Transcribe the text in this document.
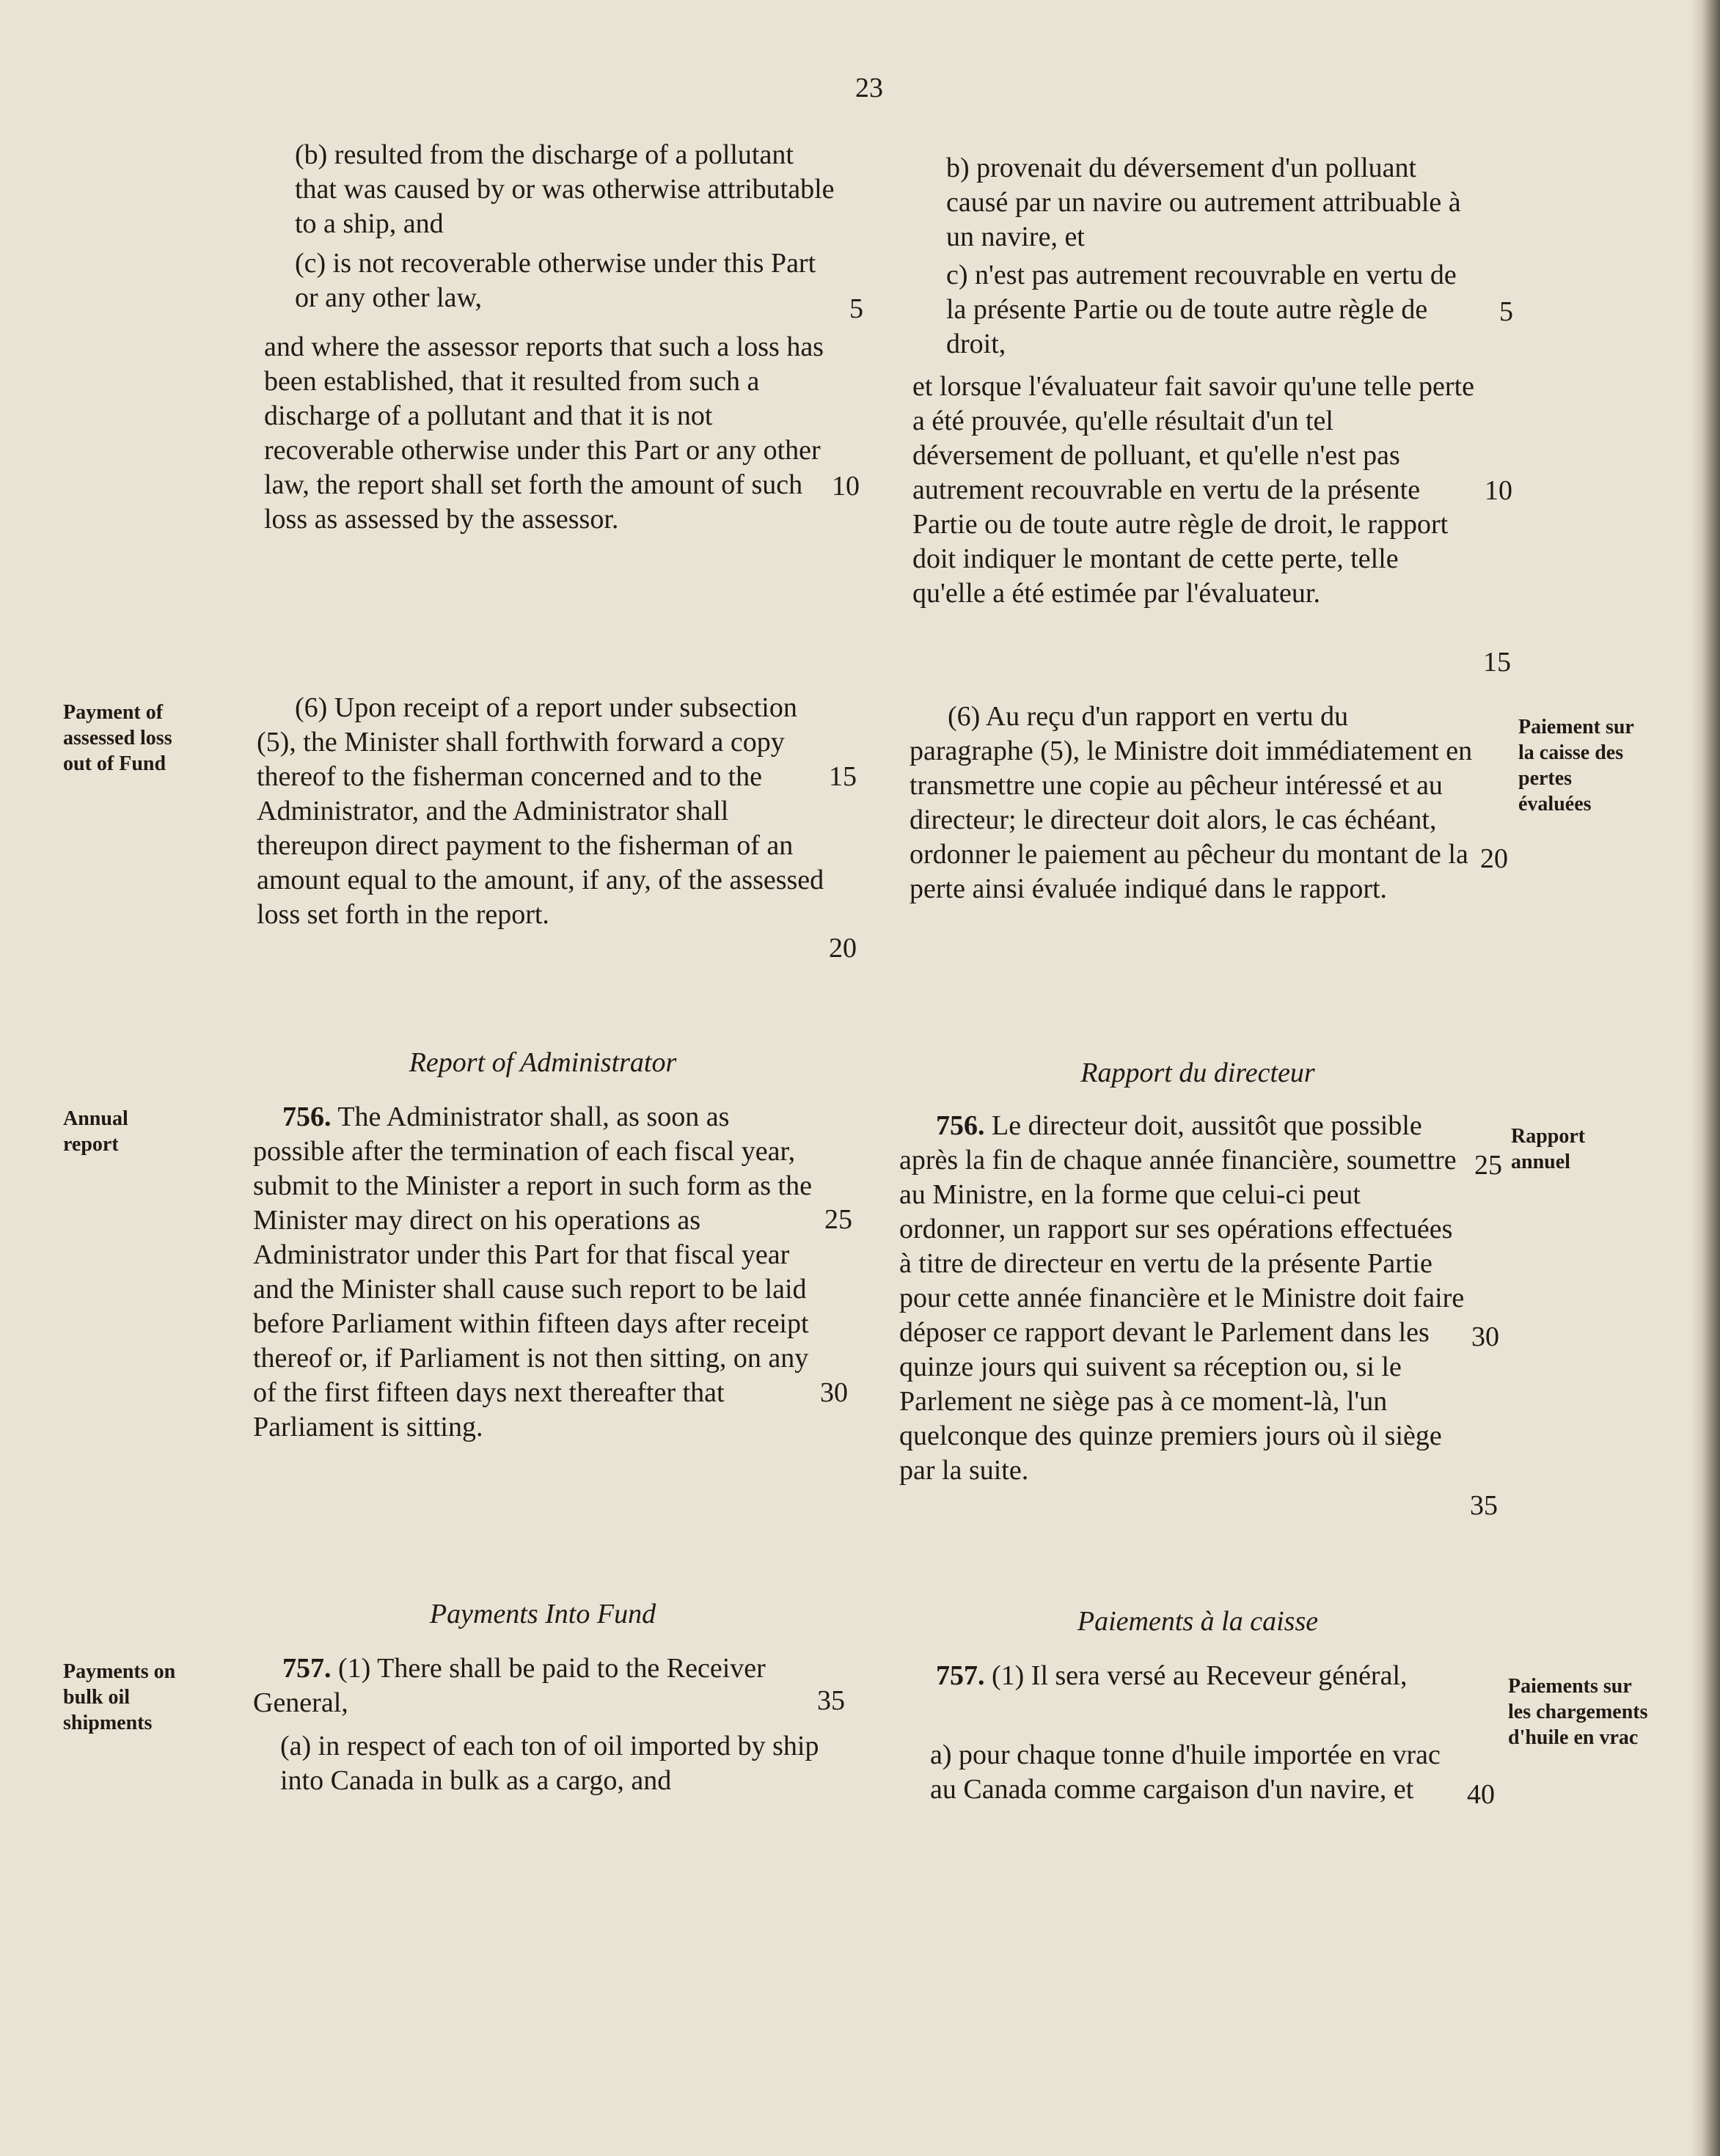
23

(b) resulted from the discharge of a pollutant that was caused by or was otherwise attributable to a ship, and

(c) is not recoverable otherwise under this Part or any other law,

and where the assessor reports that such a loss has been established, that it resulted from such a discharge of a pollutant and that it is not recoverable otherwise under this Part or any other law, the report shall set forth the amount of such loss as assessed by the assessor.

(6) Upon receipt of a report under subsection (5), the Minister shall forthwith forward a copy thereof to the fisherman concerned and to the Administrator, and the Administrator shall thereupon direct payment to the fisherman of an amount equal to the amount, if any, of the assessed loss set forth in the report.

Report of Administrator

756. The Administrator shall, as soon as possible after the termination of each fiscal year, submit to the Minister a report in such form as the Minister may direct on his operations as Administrator under this Part for that fiscal year and the Minister shall cause such report to be laid before Parliament within fifteen days after receipt thereof or, if Parliament is not then sitting, on any of the first fifteen days next thereafter that Parliament is sitting.

Payments Into Fund

757. (1) There shall be paid to the Receiver General,

(a) in respect of each ton of oil imported by ship into Canada in bulk as a cargo, and

5
10
15
20
25
30
35

b) provenait du déversement d'un polluant causé par un navire ou autrement attribuable à un navire, et

c) n'est pas autrement recouvrable en vertu de la présente Partie ou de toute autre règle de droit,

et lorsque l'évaluateur fait savoir qu'une telle perte a été prouvée, qu'elle résultait d'un tel déversement de polluant, et qu'elle n'est pas autrement recouvrable en vertu de la présente Partie ou de toute autre règle de droit, le rapport doit indiquer le montant de cette perte, telle qu'elle a été estimée par l'évaluateur.

(6) Au reçu d'un rapport en vertu du paragraphe (5), le Ministre doit immédiatement en transmettre une copie au pêcheur intéressé et au directeur; le directeur doit alors, le cas échéant, ordonner le paiement au pêcheur du montant de la perte ainsi évaluée indiqué dans le rapport.

Rapport du directeur

756. Le directeur doit, aussitôt que possible après la fin de chaque année financière, soumettre au Ministre, en la forme que celui-ci peut ordonner, un rapport sur ses opérations effectuées à titre de directeur en vertu de la présente Partie pour cette année financière et le Ministre doit faire déposer ce rapport devant le Parlement dans les quinze jours qui suivent sa réception ou, si le Parlement ne siège pas à ce moment-là, l'un quelconque des quinze premiers jours où il siège par la suite.

Paiements à la caisse

757. (1) Il sera versé au Receveur général,

a) pour chaque tonne d'huile importée en vrac au Canada comme cargaison d'un navire, et

5
10
15
20
25
30
35
40
Payment of assessed loss out of Fund
Annual report
Payments on bulk oil shipments
Paiement sur la caisse des pertes évaluées
Rapport annuel
Paiements sur les chargements d'huile en vrac
